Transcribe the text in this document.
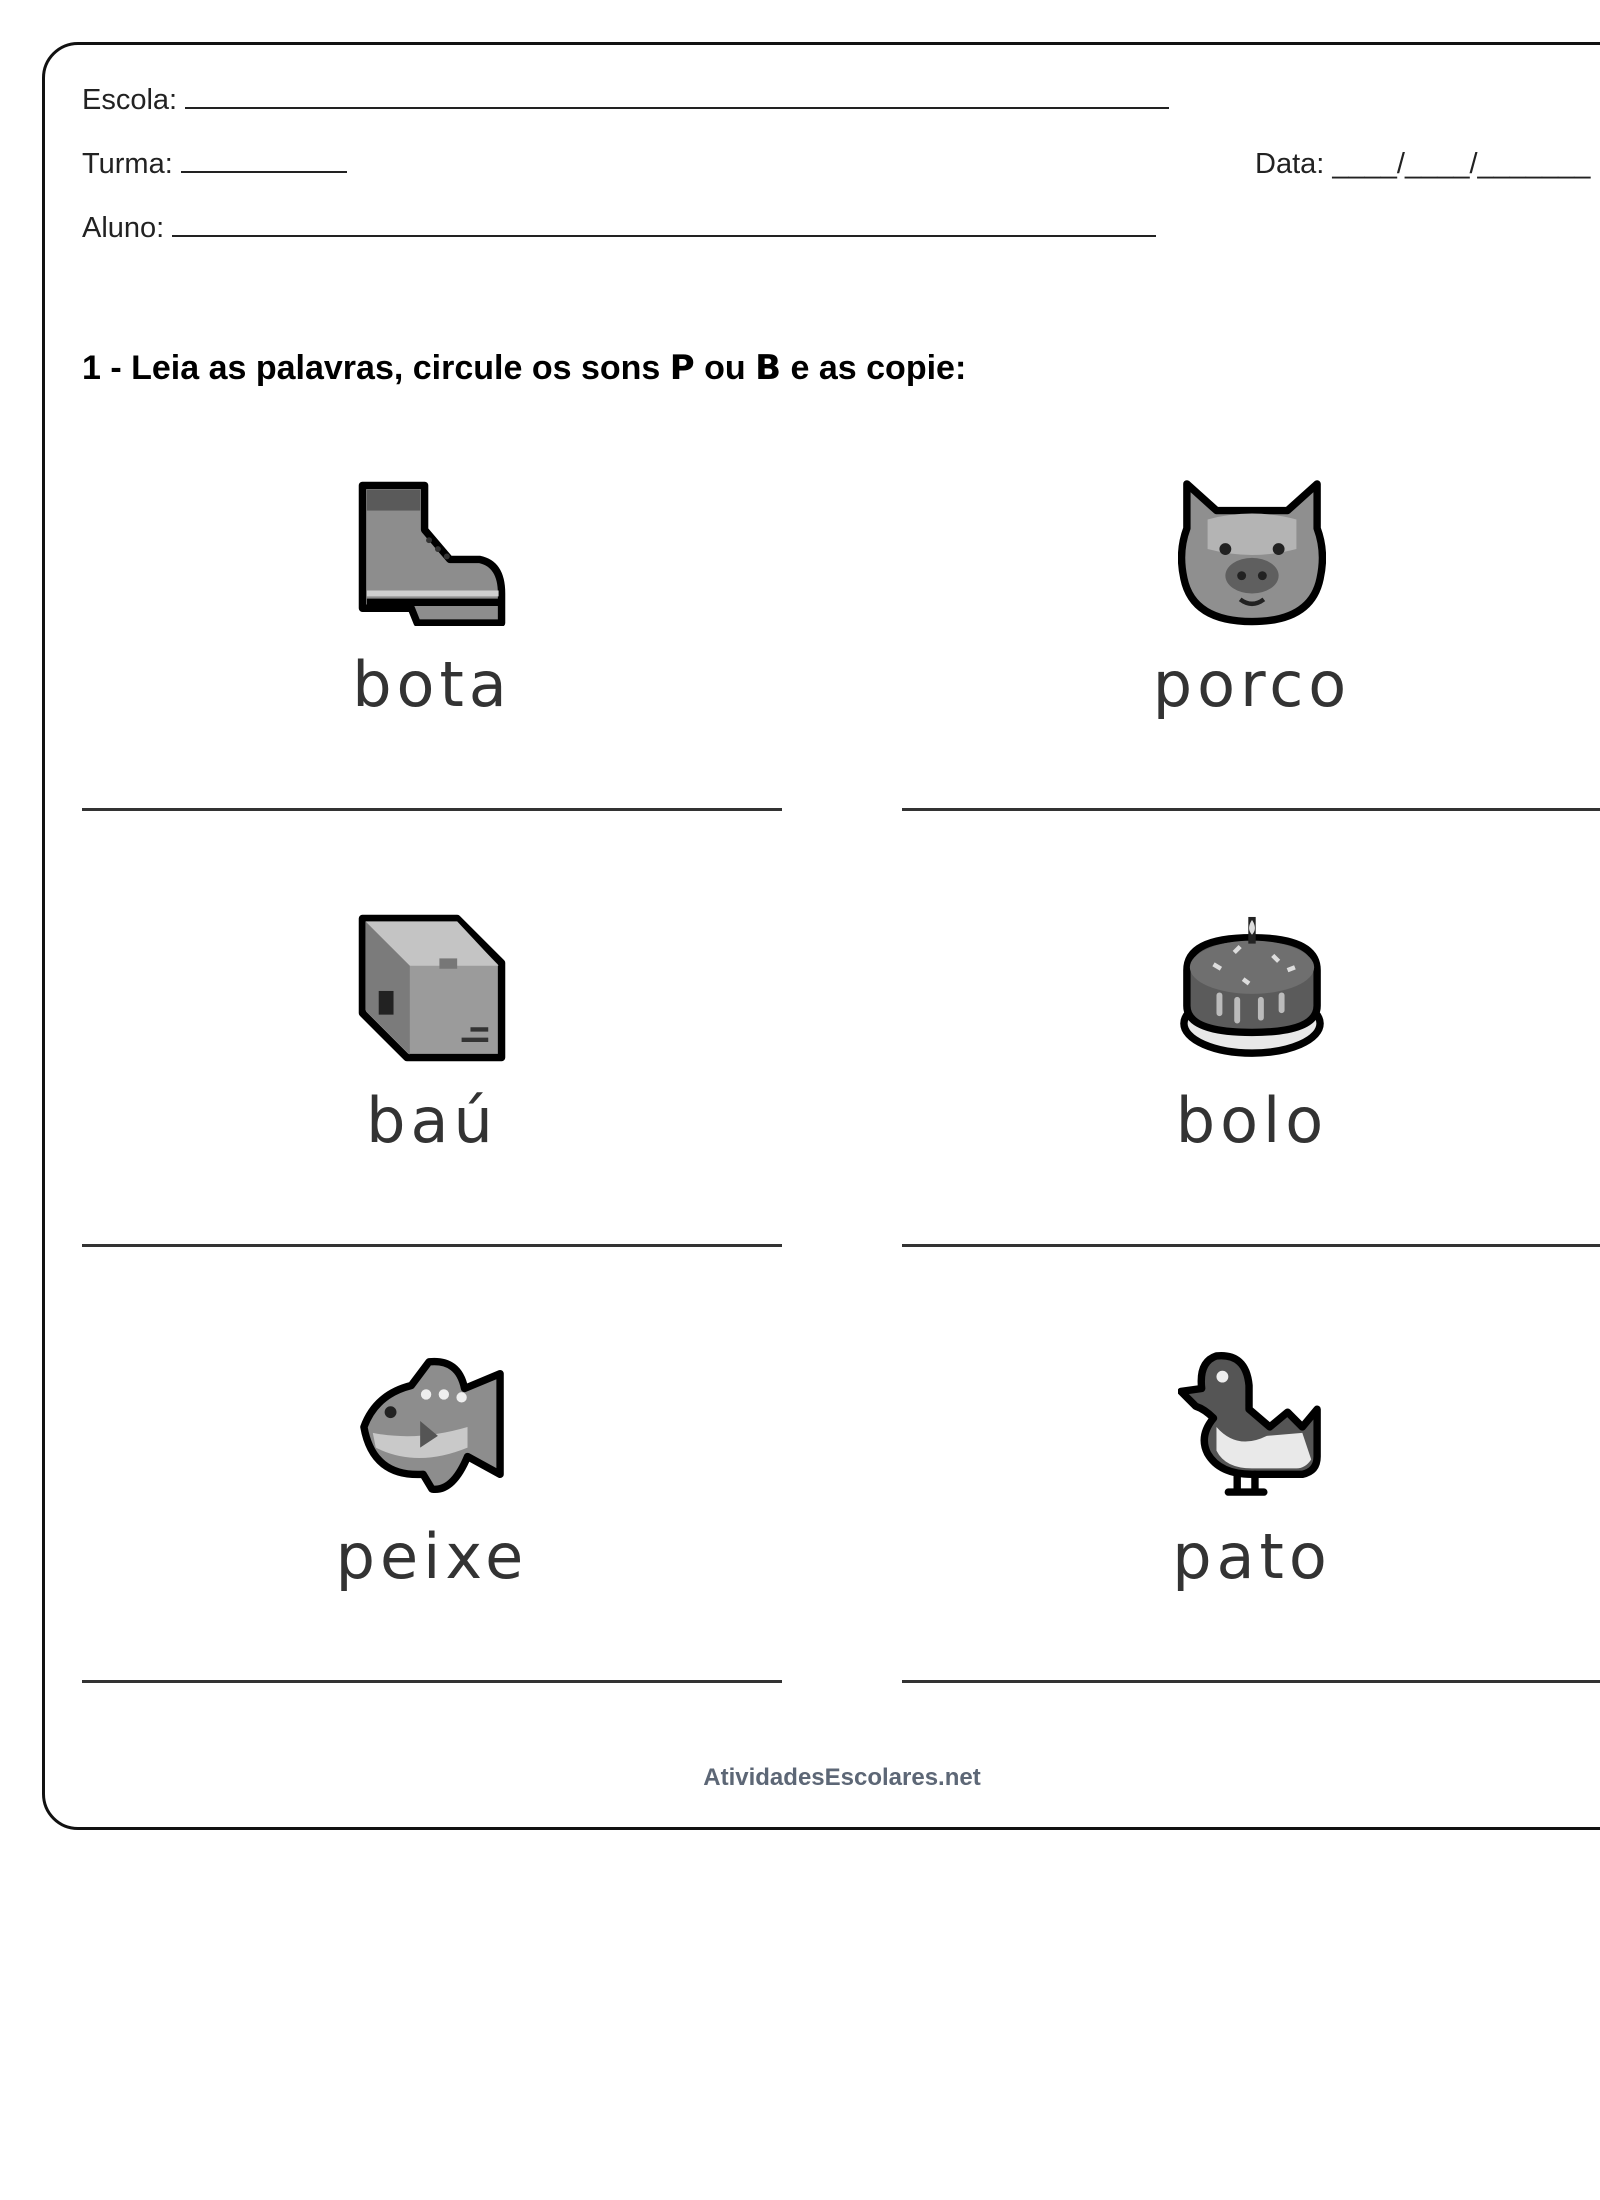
Escola:
Turma:	Data: ____/____/_______
Aluno:
1 - Leia as palavras, circule os sons P ou B e as copie:
bota	porco
baú	bolo
peixe	pato
AtividadesEscolares.net
